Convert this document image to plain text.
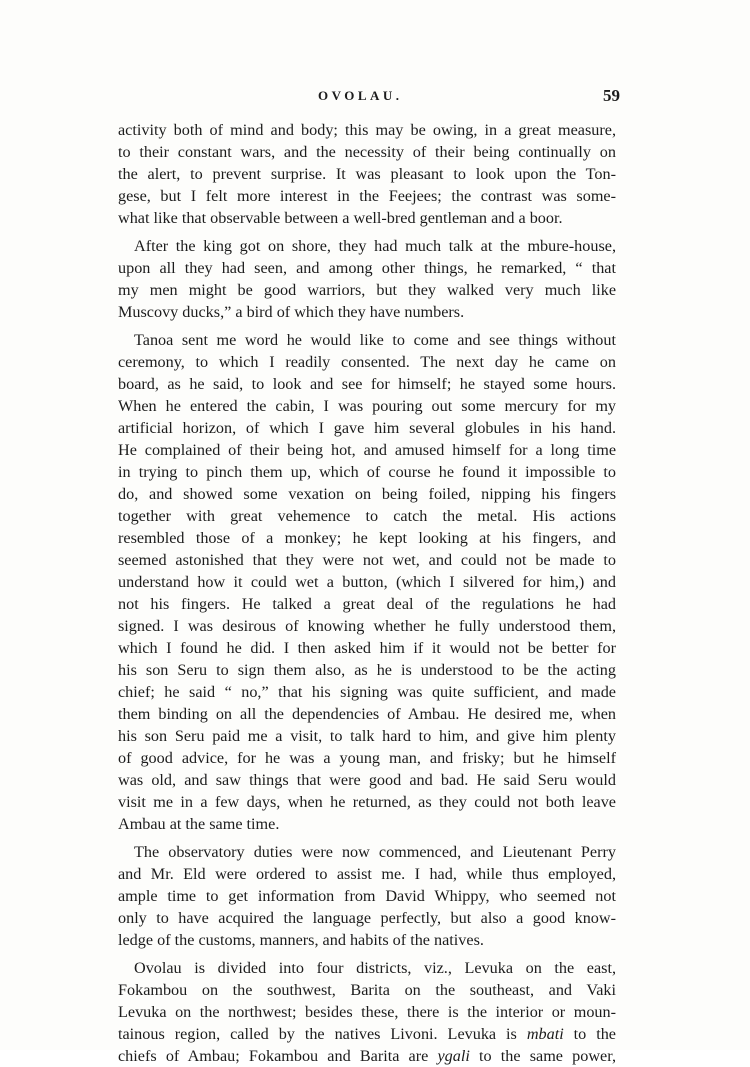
OVOLAU.	59
activity both of mind and body; this may be owing, in a great measure,
to their constant wars, and the necessity of their being continually on
the alert, to prevent surprise. It was pleasant to look upon the Ton-
gese, but I felt more interest in the Feejees; the contrast was some-
what like that observable between a well-bred gentleman and a boor.
After the king got on shore, they had much talk at the mbure-house,
upon all they had seen, and among other things, he remarked, “ that
my men might be good warriors, but they walked very much like
Muscovy ducks,” a bird of which they have numbers.
Tanoa sent me word he would like to come and see things without
ceremony, to which I readily consented. The next day he came on
board, as he said, to look and see for himself; he stayed some hours.
When he entered the cabin, I was pouring out some mercury for my
artificial horizon, of which I gave him several globules in his hand.
He complained of their being hot, and amused himself for a long time
in trying to pinch them up, which of course he found it impossible to
do, and showed some vexation on being foiled, nipping his fingers
together with great vehemence to catch the metal. His actions
resembled those of a monkey; he kept looking at his fingers, and
seemed astonished that they were not wet, and could not be made to
understand how it could wet a button, (which I silvered for him,) and
not his fingers. He talked a great deal of the regulations he had
signed. I was desirous of knowing whether he fully understood them,
which I found he did. I then asked him if it would not be better for
his son Seru to sign them also, as he is understood to be the acting
chief; he said “ no,” that his signing was quite sufficient, and made
them binding on all the dependencies of Ambau. He desired me, when
his son Seru paid me a visit, to talk hard to him, and give him plenty
of good advice, for he was a young man, and frisky; but he himself
was old, and saw things that were good and bad. He said Seru would
visit me in a few days, when he returned, as they could not both leave
Ambau at the same time.
The observatory duties were now commenced, and Lieutenant Perry
and Mr. Eld were ordered to assist me. I had, while thus employed,
ample time to get information from David Whippy, who seemed not
only to have acquired the language perfectly, but also a good know-
ledge of the customs, manners, and habits of the natives.
Ovolau is divided into four districts, viz., Levuka on the east,
Fokambou on the southwest, Barita on the southeast, and Vaki
Levuka on the northwest; besides these, there is the interior or moun-
tainous region, called by the natives Livoni. Levuka is mbati to the
chiefs of Ambau; Fokambou and Barita are ygali to the same power,
